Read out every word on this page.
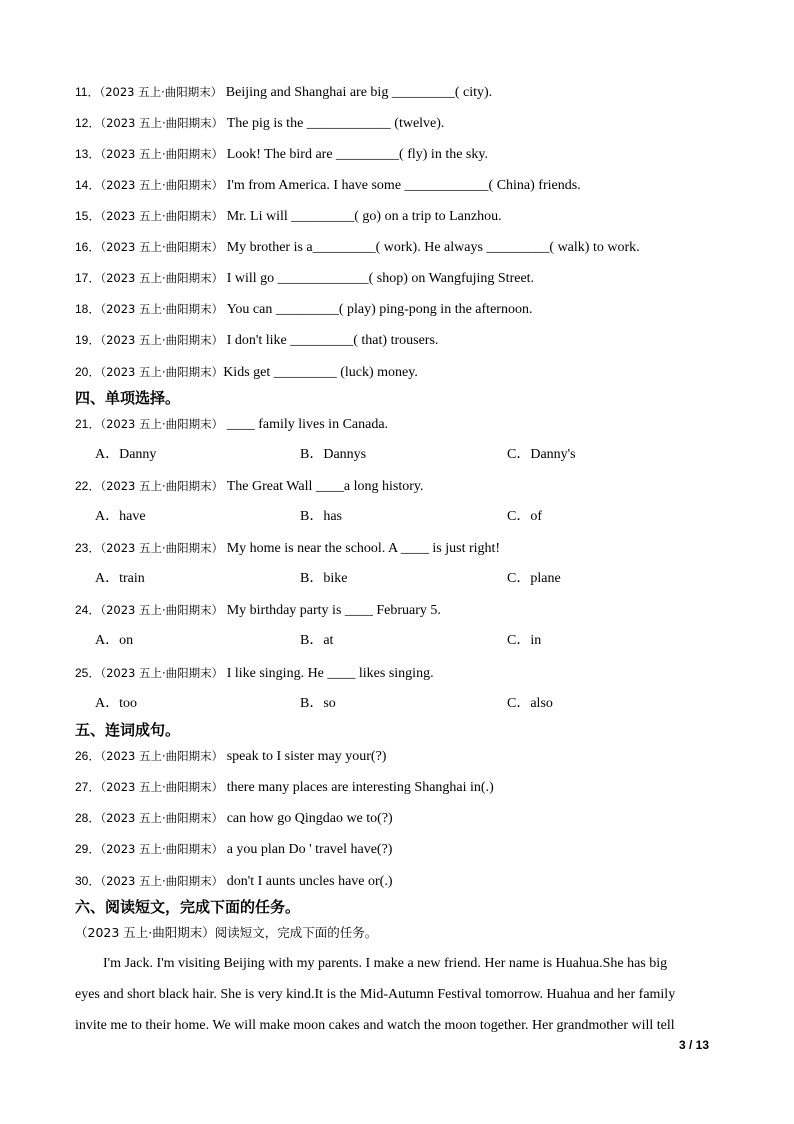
11．（2023 五上·曲阳期末） Beijing and Shanghai are big _________( city).
12．（2023 五上·曲阳期末） The pig is the ____________ (twelve).
13．（2023 五上·曲阳期末） Look! The bird are _________( fly) in the sky.
14．（2023 五上·曲阳期末） I'm from America. I have some ____________( China) friends.
15．（2023 五上·曲阳期末） Mr. Li will _________( go) on a trip to Lanzhou.
16．（2023 五上·曲阳期末） My brother is a_________( work). He always _________( walk) to work.
17．（2023 五上·曲阳期末） I will go _____________( shop) on Wangfujing Street.
18．（2023 五上·曲阳期末） You can _________( play) ping-pong in the afternoon.
19．（2023 五上·曲阳期末） I don't like _________( that) trousers.
20．（2023 五上·曲阳期末）Kids get _________ (luck) money.
四、单项选择。
21．（2023 五上·曲阳期末） ____ family lives in Canada.
A．Danny	B．Dannys	C．Danny's
22．（2023 五上·曲阳期末） The Great Wall ____a long history.
A．have	B．has	C．of
23．（2023 五上·曲阳期末） My home is near the school. A ____ is just right!
A．train	B．bike	C．plane
24．（2023 五上·曲阳期末） My birthday party is ____ February 5.
A．on	B．at	C．in
25．（2023 五上·曲阳期末） I like singing. He ____ likes singing.
A．too	B．so	C．also
五、连词成句。
26．（2023 五上·曲阳期末） speak to I sister may your(?)
27．（2023 五上·曲阳期末） there many places are interesting Shanghai in(.)
28．（2023 五上·曲阳期末） can how go Qingdao we to(?)
29．（2023 五上·曲阳期末） a you plan Do ' travel have(?)
30．（2023 五上·曲阳期末） don't I aunts uncles have or(.)
六、阅读短文，完成下面的任务。
（2023 五上·曲阳期末）阅读短文，完成下面的任务。
I'm Jack. I'm visiting Beijing with my parents. I make a new friend. Her name is Huahua.She has big
eyes and short black hair. She is very kind.It is the Mid-Autumn Festival tomorrow. Huahua and her family
invite me to their home. We will make moon cakes and watch the moon together. Her grandmother will tell
3 / 13
